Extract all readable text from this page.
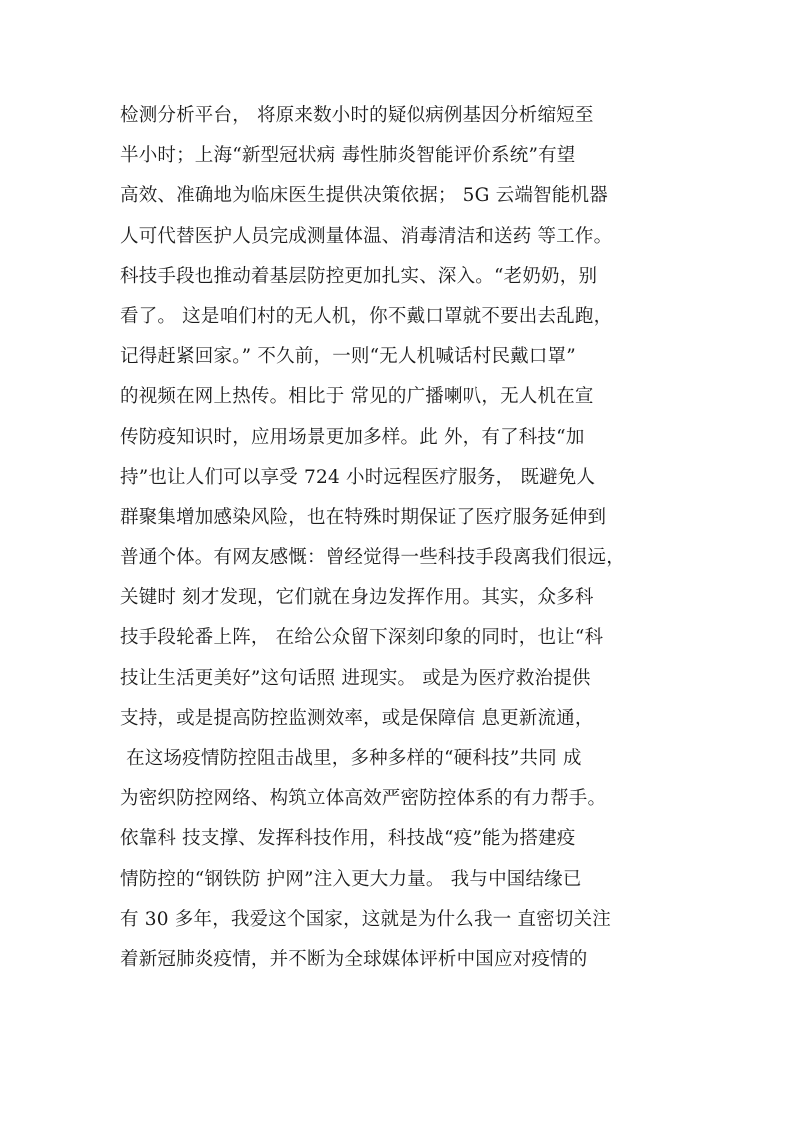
检测分析平台， 将原来数小时的疑似病例基因分析缩短至
半小时；上海“新型冠状病 毒性肺炎智能评价系统”有望
高效、准确地为临床医生提供决策依据； 5G 云端智能机器
人可代替医护人员完成测量体温、消毒清洁和送药 等工作。
科技手段也推动着基层防控更加扎实、深入。“老奶奶，别
看了。 这是咱们村的无人机，你不戴口罩就不要出去乱跑，
记得赶紧回家。” 不久前，一则“无人机喊话村民戴口罩”
的视频在网上热传。相比于 常见的广播喇叭，无人机在宣
传防疫知识时，应用场景更加多样。此 外，有了科技“加
持”也让人们可以享受 724 小时远程医疗服务， 既避免人
群聚集增加感染风险，也在特殊时期保证了医疗服务延伸到
普通个体。有网友感慨：曾经觉得一些科技手段离我们很远，
关键时 刻才发现，它们就在身边发挥作用。其实，众多科
技手段轮番上阵， 在给公众留下深刻印象的同时，也让“科
技让生活更美好”这句话照 进现实。 或是为医疗救治提供
支持，或是提高防控监测效率，或是保障信 息更新流通，
在这场疫情防控阻击战里，多种多样的“硬科技”共同 成
为密织防控网络、构筑立体高效严密防控体系的有力帮手。
依靠科 技支撑、发挥科技作用，科技战“疫”能为搭建疫
情防控的“钢铁防 护网”注入更大力量。 我与中国结缘已
有 30 多年，我爱这个国家，这就是为什么我一 直密切关注
着新冠肺炎疫情，并不断为全球媒体评析中国应对疫情的
